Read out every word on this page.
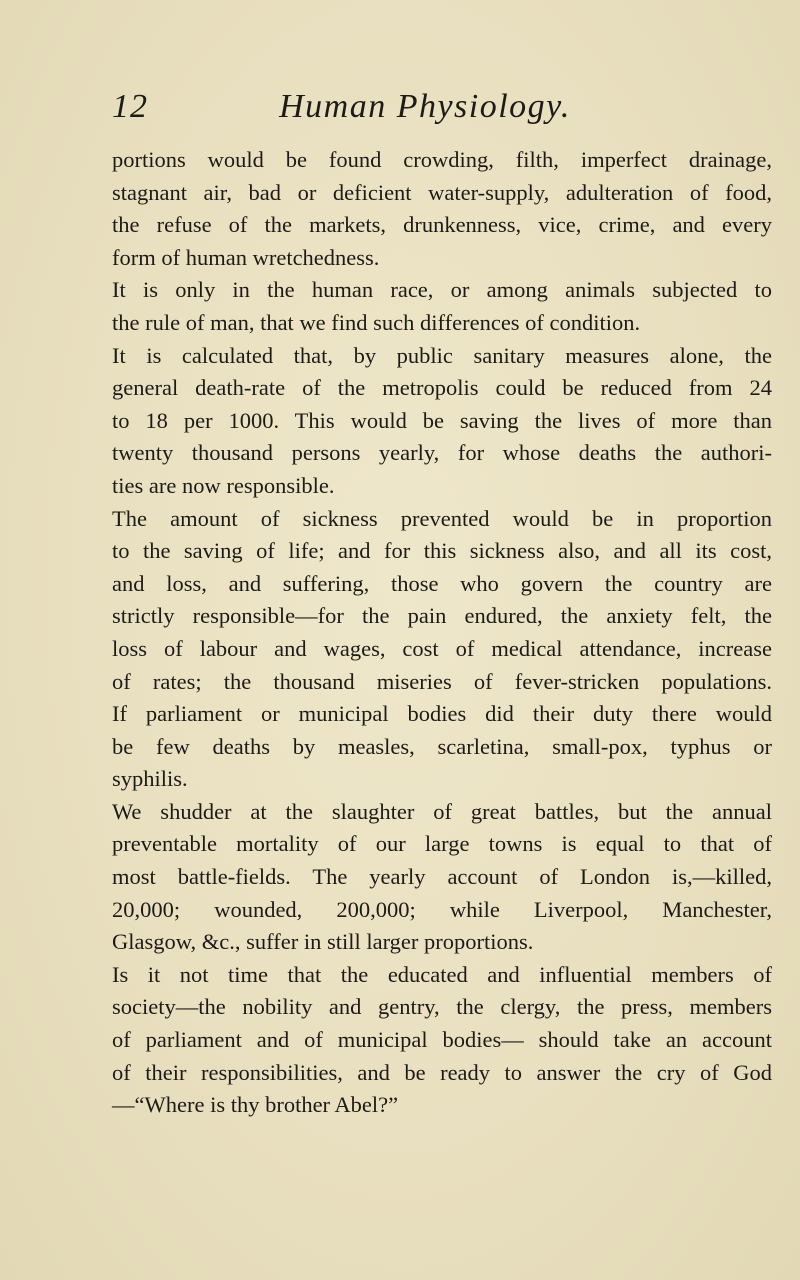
12	Human Physiology.

portions would be found crowding, filth, imperfect drainage,
stagnant air, bad or deficient water-supply, adulteration of food,
the refuse of the markets, drunkenness, vice, crime, and every
form of human wretchedness.

It is only in the human race, or among animals subjected to
the rule of man, that we find such differences of condition.

It is calculated that, by public sanitary measures alone, the
general death-rate of the metropolis could be reduced from 24
to 18 per 1000. This would be saving the lives of more than
twenty thousand persons yearly, for whose deaths the authori-
ties are now responsible.

The amount of sickness prevented would be in proportion
to the saving of life; and for this sickness also, and all its cost,
and loss, and suffering, those who govern the country are
strictly responsible—for the pain endured, the anxiety felt, the
loss of labour and wages, cost of medical attendance, increase
of rates; the thousand miseries of fever-stricken populations.
If parliament or municipal bodies did their duty there would
be few deaths by measles, scarletina, small-pox, typhus or
syphilis.

We shudder at the slaughter of great battles, but the annual
preventable mortality of our large towns is equal to that of
most battle-fields. The yearly account of London is,—killed,
20,000; wounded, 200,000; while Liverpool, Manchester,
Glasgow, &c., suffer in still larger proportions.

Is it not time that the educated and influential members of
society—the nobility and gentry, the clergy, the press, members
of parliament and of municipal bodies— should take an account
of their responsibilities, and be ready to answer the cry of God
—“Where is thy brother Abel?”
